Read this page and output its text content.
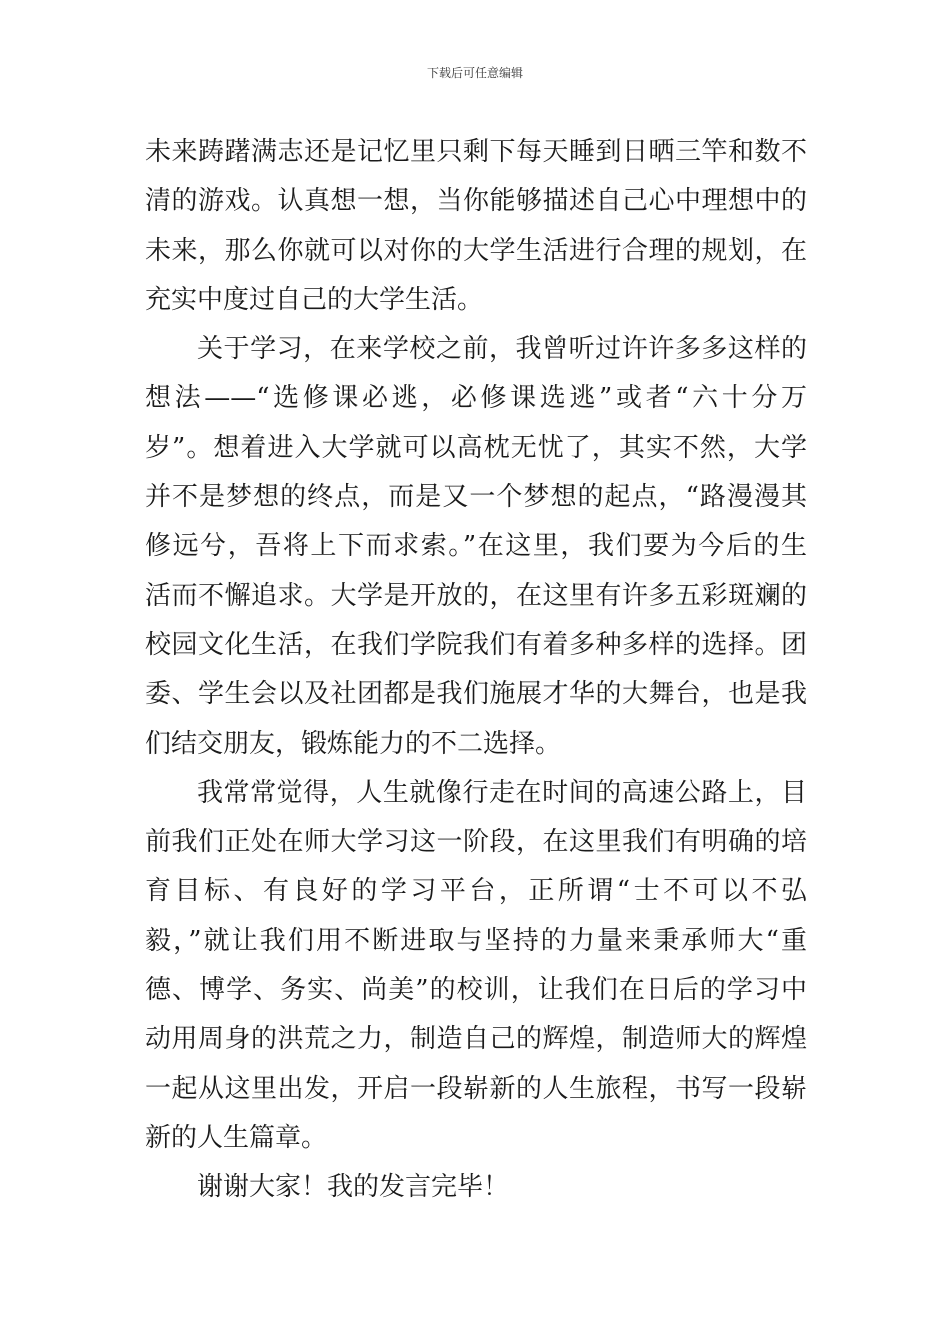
下载后可任意编辑
未来踌躇满志还是记忆里只剩下每天睡到日晒三竿和数不
清的游戏。认真想一想，当你能够描述自己心中理想中的
未来，那么你就可以对你的大学生活进行合理的规划，在
充实中度过自己的大学生活。
关于学习，在来学校之前，我曾听过许许多多这样的
想法——“选修课必逃，必修课选逃”或者“六十分万
岁”。想着进入大学就可以高枕无忧了，其实不然，大学
并不是梦想的终点，而是又一个梦想的起点，“路漫漫其
修远兮，吾将上下而求索。”在这里，我们要为今后的生
活而不懈追求。大学是开放的，在这里有许多五彩斑斓的
校园文化生活，在我们学院我们有着多种多样的选择。团
委、学生会以及社团都是我们施展才华的大舞台，也是我
们结交朋友，锻炼能力的不二选择。
我常常觉得，人生就像行走在时间的高速公路上，目
前我们正处在师大学习这一阶段，在这里我们有明确的培
育目标、有良好的学习平台，正所谓“士不可以不弘
毅，”就让我们用不断进取与坚持的力量来秉承师大“重
德、博学、务实、尚美”的校训，让我们在日后的学习中
动用周身的洪荒之力，制造自己的辉煌，制造师大的辉煌
一起从这里出发，开启一段崭新的人生旅程，书写一段崭
新的人生篇章。
谢谢大家！我的发言完毕！
